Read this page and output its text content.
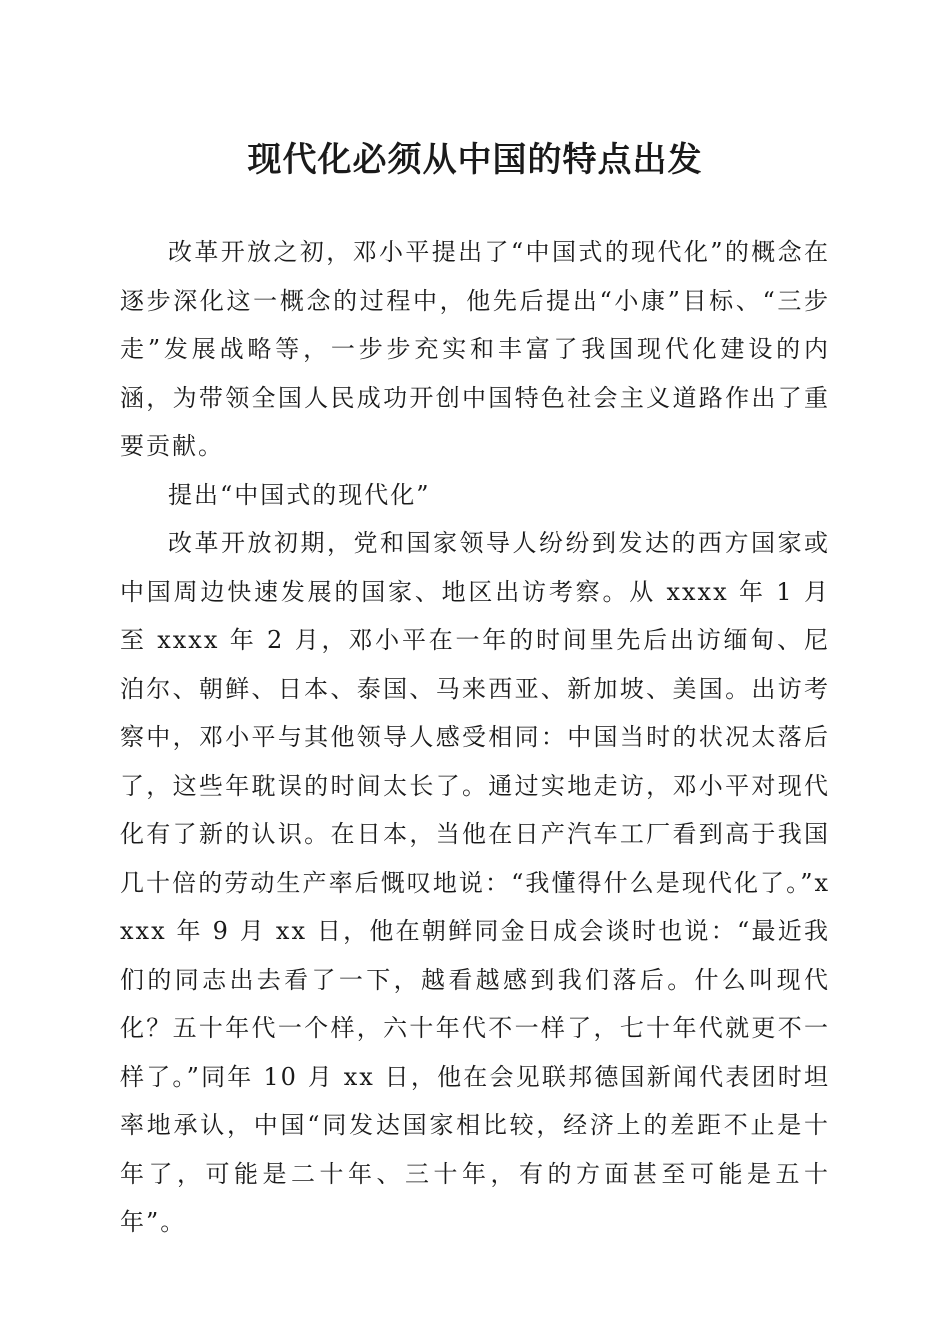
现代化必须从中国的特点出发

改革开放之初，邓小平提出了“中国式的现代化”的概念在逐步深化这一概念的过程中，他先后提出“小康”目标、“三步走”发展战略等，一步步充实和丰富了我国现代化建设的内涵，为带领全国人民成功开创中国特色社会主义道路作出了重要贡献。

提出“中国式的现代化”

改革开放初期，党和国家领导人纷纷到发达的西方国家或中国周边快速发展的国家、地区出访考察。从 xxxx 年 1 月至 xxxx 年 2 月，邓小平在一年的时间里先后出访缅甸、尼泊尔、朝鲜、日本、泰国、马来西亚、新加坡、美国。出访考察中，邓小平与其他领导人感受相同：中国当时的状况太落后了，这些年耽误的时间太长了。通过实地走访，邓小平对现代化有了新的认识。在日本，当他在日产汽车工厂看到高于我国几十倍的劳动生产率后慨叹地说：“我懂得什么是现代化了。”xxxx 年 9 月 xx 日，他在朝鲜同金日成会谈时也说：“最近我们的同志出去看了一下，越看越感到我们落后。什么叫现代化？五十年代一个样，六十年代不一样了，七十年代就更不一样了。”同年 10 月 xx 日，他在会见联邦德国新闻代表团时坦率地承认，中国“同发达国家相比较，经济上的差距不止是十年了，可能是二十年、三十年，有的方面甚至可能是五十年”。
